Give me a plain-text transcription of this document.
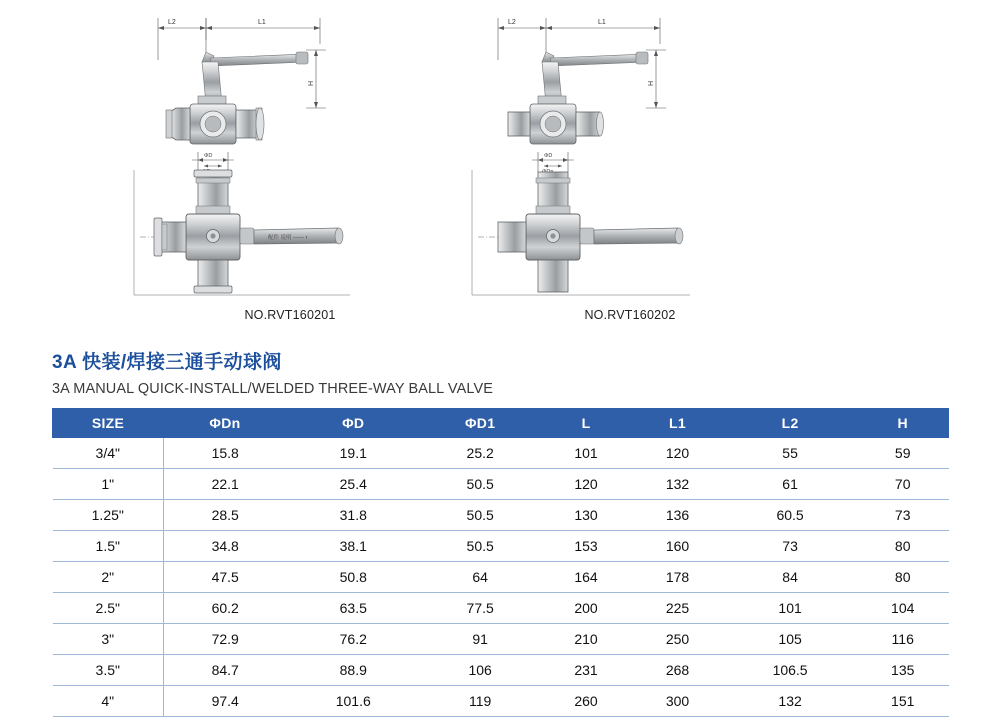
L2	L1
H
ΦD
配件 说明 —— r
NO.RVT160201
L2	L1
H
ΦD
NO.RVT160202
3A 快装/焊接三通手动球阀

3A MANUAL QUICK-INSTALL/WELDED THREE-WAY BALL VALVE

SIZE	ΦDn	ΦD	ΦD1	L	L1	L2	H
3/4"	15.8	19.1	25.2	101	120	55	59
1"	22.1	25.4	50.5	120	132	61	70
1.25"	28.5	31.8	50.5	130	136	60.5	73
1.5"	34.8	38.1	50.5	153	160	73	80
2"	47.5	50.8	64	164	178	84	80
2.5"	60.2	63.5	77.5	200	225	101	104
3"	72.9	76.2	91	210	250	105	116
3.5"	84.7	88.9	106	231	268	106.5	135
4"	97.4	101.6	119	260	300	132	151
